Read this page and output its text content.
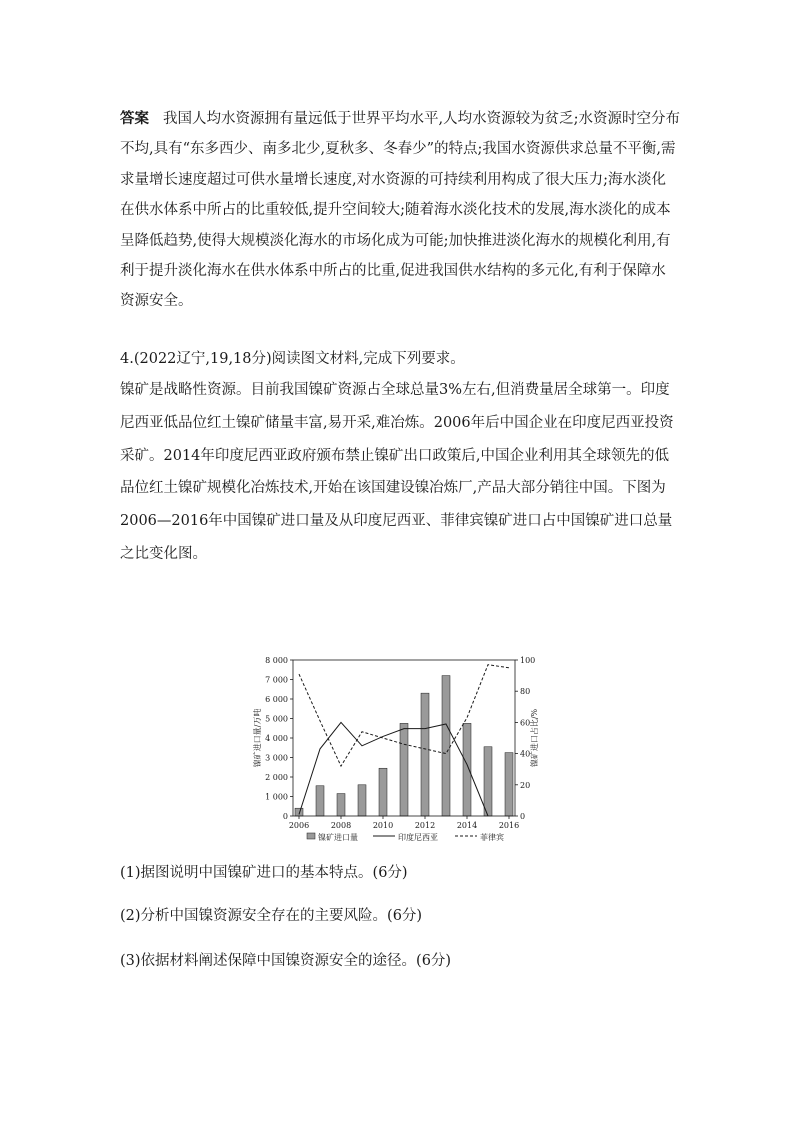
答案 我国人均水资源拥有量远低于世界平均水平,人均水资源较为贫乏;水资源时空分布不均,具有“东多西少、南多北少,夏秋多、冬春少”的特点;我国水资源供求总量不平衡,需求量增长速度超过可供水量增长速度,对水资源的可持续利用构成了很大压力;海水淡化在供水体系中所占的比重较低,提升空间较大;随着海水淡化技术的发展,海水淡化的成本呈降低趋势,使得大规模淡化海水的市场化成为可能;加快推进淡化海水的规模化利用,有利于提升淡化海水在供水体系中所占的比重,促进我国供水结构的多元化,有利于保障水资源安全。

4.(2022辽宁,19,18分)阅读图文材料,完成下列要求。

镍矿是战略性资源。目前我国镍矿资源占全球总量3%左右,但消费量居全球第一。印度尼西亚低品位红土镍矿储量丰富,易开采,难冶炼。2006年后中国企业在印度尼西亚投资采矿。2014年印度尼西亚政府颁布禁止镍矿出口政策后,中国企业利用其全球领先的低品位红土镍矿规模化冶炼技术,开始在该国建设镍冶炼厂,产品大部分销往中国。下图为2006—2016年中国镍矿进口量及从印度尼西亚、菲律宾镍矿进口占中国镍矿进口总量之比变化图。

0
1 000
2 000
3 000
4 000
5 000
6 000
7 000
8 000
0
20
40
60
80
100
2006	2008	2010	2012	2014	2016
镍矿进口量/万吨	镍矿进口占比/%
镍矿进口量	印度尼西亚	菲律宾

(1)据图说明中国镍矿进口的基本特点。(6分)

(2)分析中国镍资源安全存在的主要风险。(6分)

(3)依据材料阐述保障中国镍资源安全的途径。(6分)
